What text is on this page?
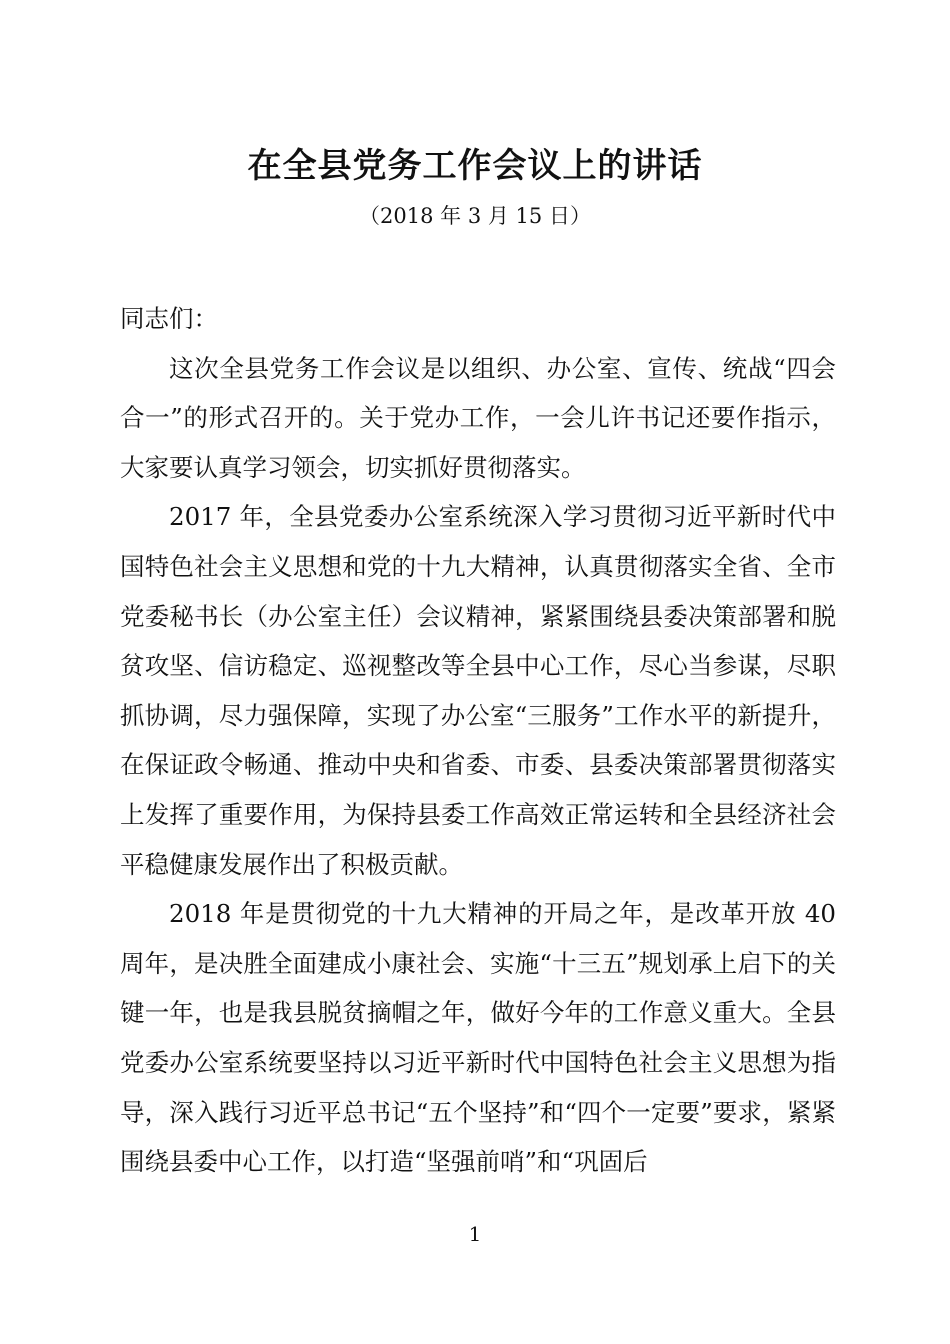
在全县党务工作会议上的讲话
（2018 年 3 月 15 日）

同志们：

这次全县党务工作会议是以组织、办公室、宣传、统战“四会合一”的形式召开的。关于党办工作，一会儿许书记还要作指示，大家要认真学习领会，切实抓好贯彻落实。

2017 年，全县党委办公室系统深入学习贯彻习近平新时代中国特色社会主义思想和党的十九大精神，认真贯彻落实全省、全市党委秘书长（办公室主任）会议精神，紧紧围绕县委决策部署和脱贫攻坚、信访稳定、巡视整改等全县中心工作，尽心当参谋，尽职抓协调，尽力强保障，实现了办公室“三服务”工作水平的新提升，在保证政令畅通、推动中央和省委、市委、县委决策部署贯彻落实上发挥了重要作用，为保持县委工作高效正常运转和全县经济社会平稳健康发展作出了积极贡献。

2018 年是贯彻党的十九大精神的开局之年，是改革开放 40 周年，是决胜全面建成小康社会、实施“十三五”规划承上启下的关键一年，也是我县脱贫摘帽之年，做好今年的工作意义重大。全县党委办公室系统要坚持以习近平新时代中国特色社会主义思想为指导，深入践行习近平总书记“五个坚持”和“四个一定要”要求，紧紧围绕县委中心工作，以打造“坚强前哨”和“巩固后

1
